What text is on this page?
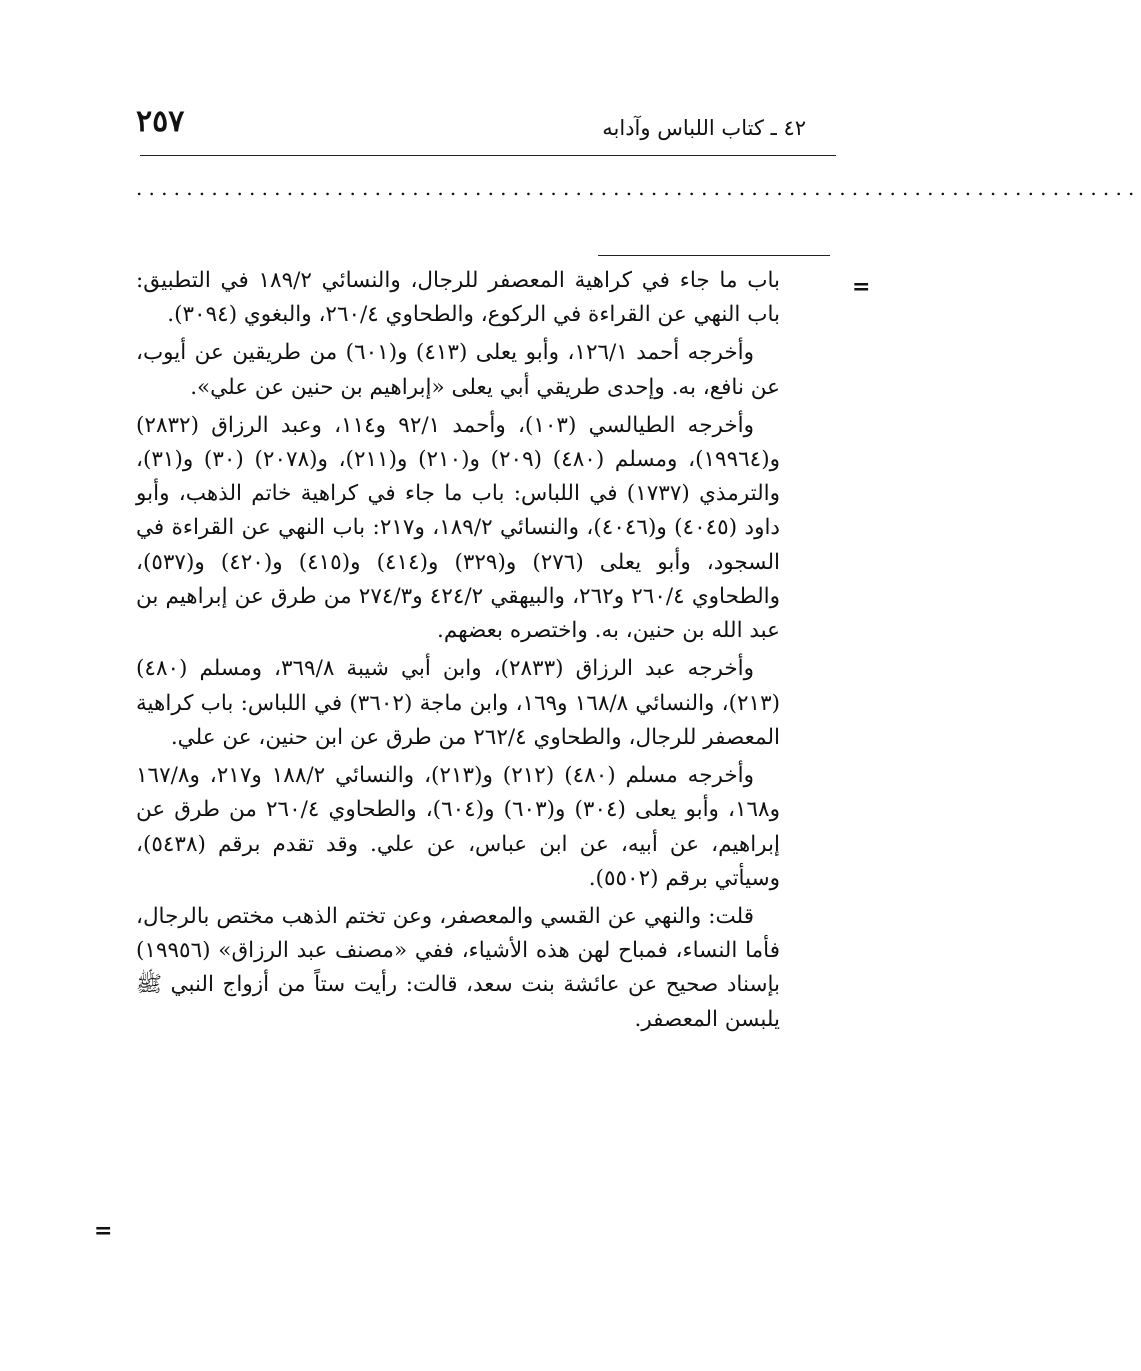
٢٥٧	٤٢ ـ كتاب اللباس وآدابه
................................................................................
=

باب ما جاء في كراهية المعصفر للرجال، والنسائي ١٨٩/٢ في التطبيق: باب النهي عن القراءة في الركوع، والطحاوي ٢٦٠/٤، والبغوي (٣٠٩٤).

وأخرجه أحمد ١٢٦/١، وأبو يعلى (٤١٣) و(٦٠١) من طريقين عن أيوب، عن نافع، به. وإحدى طريقي أبي يعلى «إبراهيم بن حنين عن علي».

وأخرجه الطيالسي (١٠٣)، وأحمد ٩٢/١ و١١٤، وعبد الرزاق (٢٨٣٢) و(١٩٩٦٤)، ومسلم (٤٨٠) (٢٠٩) و(٢١٠) و(٢١١)، و(٢٠٧٨) (٣٠) و(٣١)، والترمذي (١٧٣٧) في اللباس: باب ما جاء في كراهية خاتم الذهب، وأبو داود (٤٠٤٥) و(٤٠٤٦)، والنسائي ١٨٩/٢، و٢١٧: باب النهي عن القراءة في السجود، وأبو يعلى (٢٧٦) و(٣٢٩) و(٤١٤) و(٤١٥) و(٤٢٠) و(٥٣٧)، والطحاوي ٢٦٠/٤ و٢٦٢، والبيهقي ٤٢٤/٢ و٢٧٤/٣ من طرق عن إبراهيم بن عبد الله بن حنين، به. واختصره بعضهم.

وأخرجه عبد الرزاق (٢٨٣٣)، وابن أبي شيبة ٣٦٩/٨، ومسلم (٤٨٠) (٢١٣)، والنسائي ١٦٨/٨ و١٦٩، وابن ماجة (٣٦٠٢) في اللباس: باب كراهية المعصفر للرجال، والطحاوي ٢٦٢/٤ من طرق عن ابن حنين، عن علي.

وأخرجه مسلم (٤٨٠) (٢١٢) و(٢١٣)، والنسائي ١٨٨/٢ و٢١٧، و١٦٧/٨ و١٦٨، وأبو يعلى (٣٠٤) و(٦٠٣) و(٦٠٤)، والطحاوي ٢٦٠/٤ من طرق عن إبراهيم، عن أبيه، عن ابن عباس، عن علي. وقد تقدم برقم (٥٤٣٨)، وسيأتي برقم (٥٥٠٢).

قلت: والنهي عن القسي والمعصفر، وعن تختم الذهب مختص بالرجال، فأما النساء، فمباح لهن هذه الأشياء، ففي «مصنف عبد الرزاق» (١٩٩٥٦) بإسناد صحيح عن عائشة بنت سعد، قالت: رأيت ستاً من أزواج النبي ﷺ يلبسن المعصفر.

=
